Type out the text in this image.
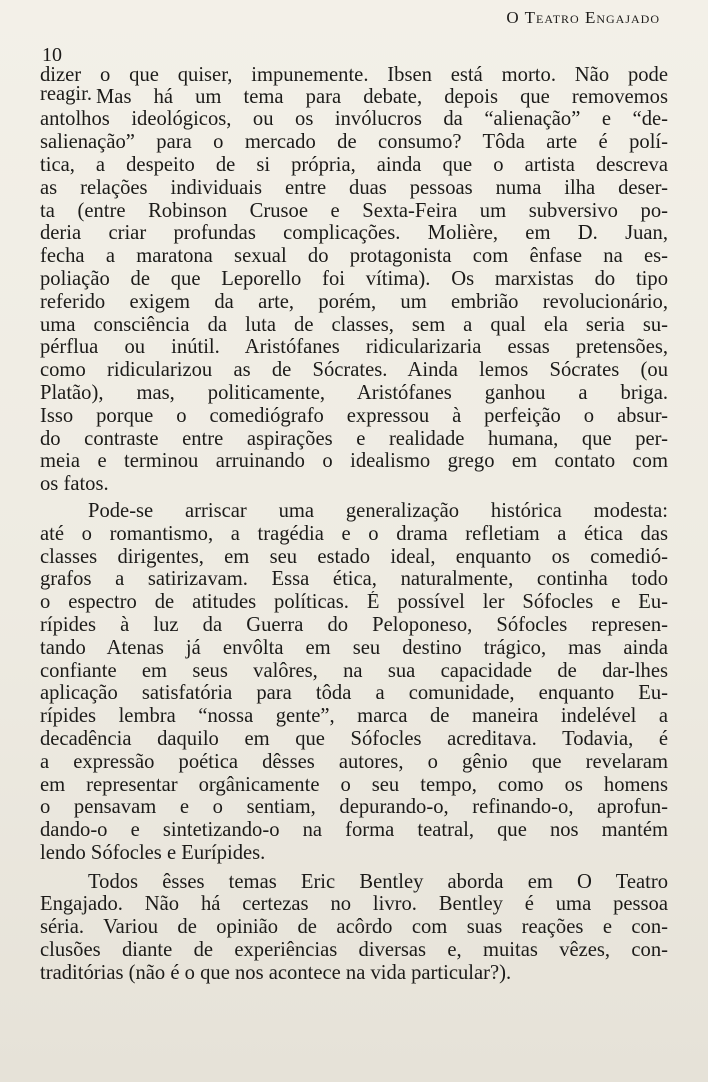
O Teatro Engajado
10
dizer o que quiser, impunemente. Ibsen está morto. Não pode
reagir. Mas há um tema para debate, depois que removemos
antolhos ideológicos, ou os invólucros da “alienação” e “de-
salienação” para o mercado de consumo? Tôda arte é polí-
tica, a despeito de si própria, ainda que o artista descreva
as relações individuais entre duas pessoas numa ilha deser-
ta (entre Robinson Crusoe e Sexta-Feira um subversivo po-
deria criar profundas complicações. Molière, em D. Juan,
fecha a maratona sexual do protagonista com ênfase na es-
poliação de que Leporello foi vítima). Os marxistas do tipo
referido exigem da arte, porém, um embrião revolucionário,
uma consciência da luta de classes, sem a qual ela seria su-
pérflua ou inútil. Aristófanes ridicularizaria essas pretensões,
como ridicularizou as de Sócrates. Ainda lemos Sócrates (ou
Platão), mas, politicamente, Aristófanes ganhou a briga.
Isso porque o comediógrafo expressou à perfeição o absur-
do contraste entre aspirações e realidade humana, que per-
meia e terminou arruinando o idealismo grego em contato com
os fatos.
Pode-se arriscar uma generalização histórica modesta:
até o romantismo, a tragédia e o drama refletiam a ética das
classes dirigentes, em seu estado ideal, enquanto os comedió-
grafos a satirizavam. Essa ética, naturalmente, continha todo
o espectro de atitudes políticas. É possível ler Sófocles e Eu-
rípides à luz da Guerra do Peloponeso, Sófocles represen-
tando Atenas já envôlta em seu destino trágico, mas ainda
confiante em seus valôres, na sua capacidade de dar-lhes
aplicação satisfatória para tôda a comunidade, enquanto Eu-
rípides lembra “nossa gente”, marca de maneira indelével a
decadência daquilo em que Sófocles acreditava. Todavia, é
a expressão poética dêsses autores, o gênio que revelaram
em representar orgânicamente o seu tempo, como os homens
o pensavam e o sentiam, depurando-o, refinando-o, aprofun-
dando-o e sintetizando-o na forma teatral, que nos mantém
lendo Sófocles e Eurípides.
Todos êsses temas Eric Bentley aborda em O Teatro
Engajado. Não há certezas no livro. Bentley é uma pessoa
séria. Variou de opinião de acôrdo com suas reações e con-
clusões diante de experiências diversas e, muitas vêzes, con-
traditórias (não é o que nos acontece na vida particular?).
